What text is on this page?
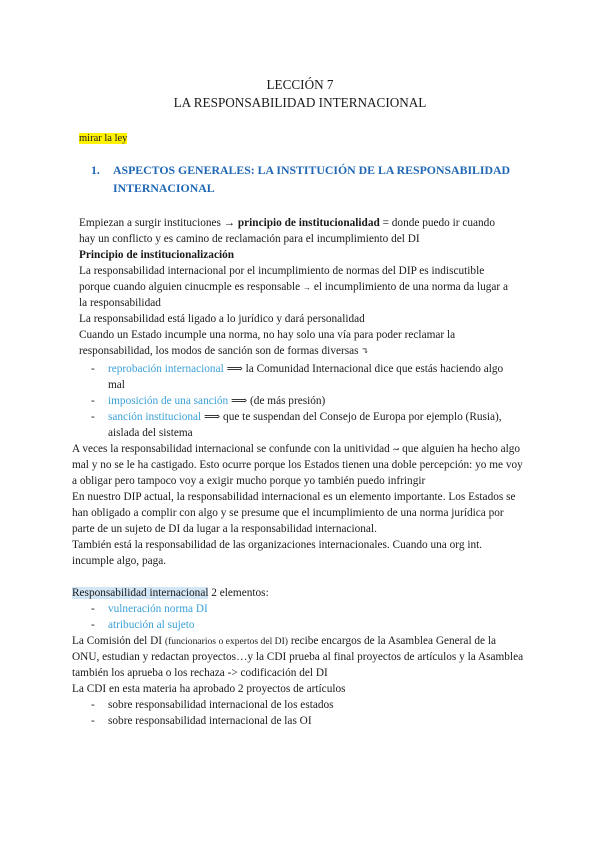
LECCIÓN 7
LA RESPONSABILIDAD INTERNACIONAL
mirar la ley
1. ASPECTOS GENERALES: LA INSTITUCIÓN DE LA RESPONSABILIDAD
INTERNACIONAL
Empiezan a surgir instituciones → principio de institucionalidad = donde puedo ir cuando
hay un conflicto y es camino de reclamación para el incumplimiento del DI
Principio de institucionalización
La responsabilidad internacional por el incumplimiento de normas del DIP es indiscutible
porque cuando alguien cinucmple es responsable → el incumplimiento de una norma da lugar a
la responsabilidad
La responsabilidad está ligado a lo jurídico y dará personalidad
Cuando un Estado incumple una norma, no hay solo una vía para poder reclamar la
responsabilidad, los modos de sanción son de formas diversas ↴
- reprobación internacional ⟹ la Comunidad Internacional dice que estás haciendo algo
mal
- imposición de una sanción ⟹ (de más presión)
- sanción institucional ⟹ que te suspendan del Consejo de Europa por ejemplo (Rusia),
aislada del sistema
A veces la responsabilidad internacional se confunde con la unitividad ↝ que alguien ha hecho algo
mal y no se le ha castigado. Esto ocurre porque los Estados tienen una doble percepción: yo me voy
a obligar pero tampoco voy a exigir mucho porque yo también puedo infringir
En nuestro DIP actual, la responsabilidad internacional es un elemento importante. Los Estados se
han obligado a complir con algo y se presume que el incumplimiento de una norma jurídica por
parte de un sujeto de DI da lugar a la responsabilidad internacional.
También está la responsabilidad de las organizaciones internacionales. Cuando una org int.
incumple algo, paga.
Responsabilidad internacional 2 elementos:
- vulneración norma DI
- atribución al sujeto
La Comisión del DI (funcionarios o expertos del DI) recibe encargos de la Asamblea General de la
ONU, estudian y redactan proyectos…y la CDI prueba al final proyectos de artículos y la Asamblea
también los aprueba o los rechaza -> codificación del DI
La CDI en esta materia ha aprobado 2 proyectos de artículos
- sobre responsabilidad internacional de los estados
- sobre responsabilidad internacional de las OI
